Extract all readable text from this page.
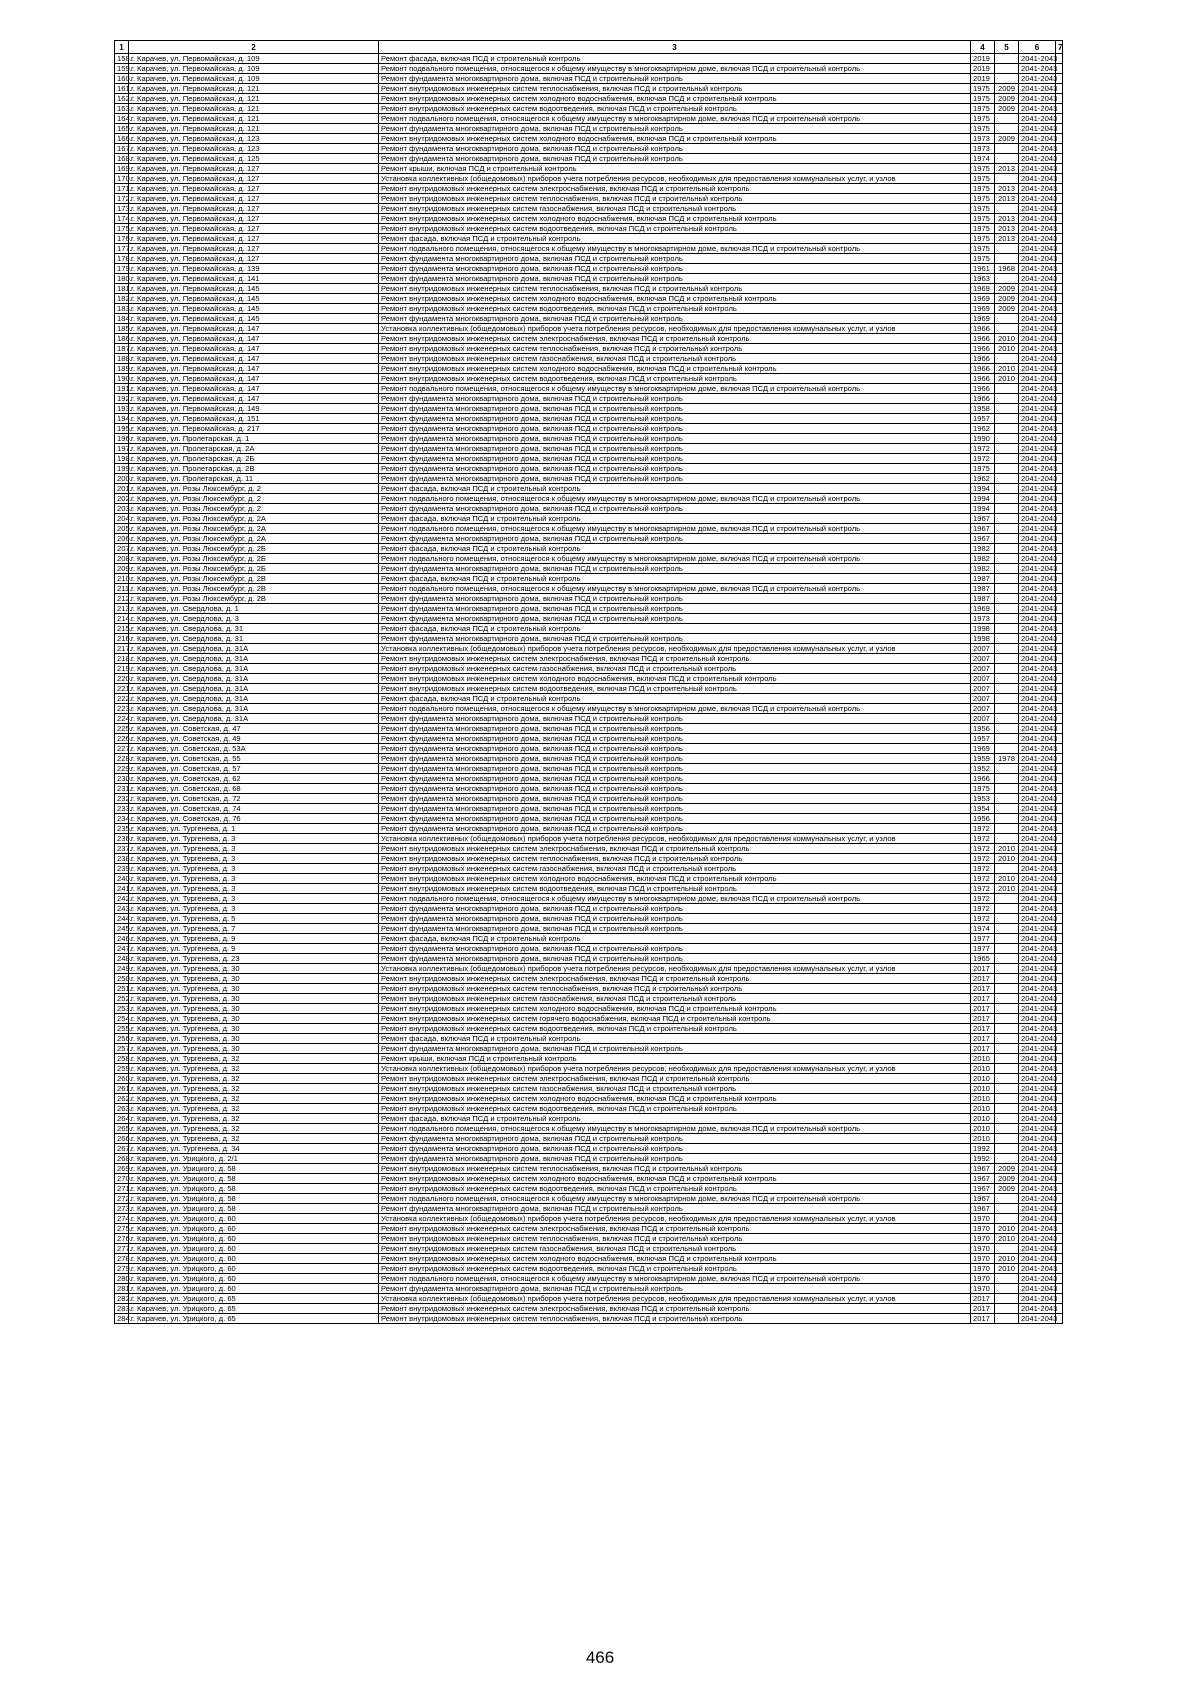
1	2	3	4	5	6	7
158.	г. Карачев, ул. Первомайская, д. 109	Ремонт фасада, включая ПСД и строительный контроль	2019		2041-2043	
159.	г. Карачев, ул. Первомайская, д. 109	Ремонт подвального помещения, относящегося к общему имуществу в многоквартирном доме, включая ПСД и строительный контроль	2019		2041-2043	
160.	г. Карачев, ул. Первомайская, д. 109	Ремонт фундамента многоквартирного дома, включая ПСД и строительный контроль	2019		2041-2043	
161.	г. Карачев, ул. Первомайская, д. 121	Ремонт внутридомовых инженерных систем теплоснабжения, включая ПСД и строительный контроль	1975	2009	2041-2043	
162.	г. Карачев, ул. Первомайская, д. 121	Ремонт внутридомовых инженерных систем холодного водоснабжения, включая ПСД и строительный контроль	1975	2009	2041-2043	
163.	г. Карачев, ул. Первомайская, д. 121	Ремонт внутридомовых инженерных систем водоотведения, включая ПСД и строительный контроль	1975	2009	2041-2043	
164.	г. Карачев, ул. Первомайская, д. 121	Ремонт подвального помещения, относящегося к общему имуществу в многоквартирном доме, включая ПСД и строительный контроль	1975		2041-2043	
165.	г. Карачев, ул. Первомайская, д. 121	Ремонт фундамента многоквартирного дома, включая ПСД и строительный контроль	1975		2041-2043	
166.	г. Карачев, ул. Первомайская, д. 123	Ремонт внутридомовых инженерных систем холодного водоснабжения, включая ПСД и строительный контроль	1973	2009	2041-2043	
167.	г. Карачев, ул. Первомайская, д. 123	Ремонт фундамента многоквартирного дома, включая ПСД и строительный контроль	1973		2041-2043	
168.	г. Карачев, ул. Первомайская, д. 125	Ремонт фундамента многоквартирного дома, включая ПСД и строительный контроль	1974		2041-2043	
169.	г. Карачев, ул. Первомайская, д. 127	Ремонт крыши, включая ПСД и строительный контроль	1975	2013	2041-2043	
170.	г. Карачев, ул. Первомайская, д. 127	Установка коллективных (общедомовых) приборов учета потребления ресурсов, необходимых для предоставления коммунальных услуг, и узлов	1975		2041-2043	
171.	г. Карачев, ул. Первомайская, д. 127	Ремонт внутридомовых инженерных систем электроснабжения, включая ПСД и строительный контроль	1975	2013	2041-2043	
172.	г. Карачев, ул. Первомайская, д. 127	Ремонт внутридомовых инженерных систем теплоснабжения, включая ПСД и строительный контроль	1975	2013	2041-2043	
173.	г. Карачев, ул. Первомайская, д. 127	Ремонт внутридомовых инженерных систем газоснабжения, включая ПСД и строительный контроль	1975		2041-2043	
174.	г. Карачев, ул. Первомайская, д. 127	Ремонт внутридомовых инженерных систем холодного водоснабжения, включая ПСД и строительный контроль	1975	2013	2041-2043	
175.	г. Карачев, ул. Первомайская, д. 127	Ремонт внутридомовых инженерных систем водоотведения, включая ПСД и строительный контроль	1975	2013	2041-2043	
176.	г. Карачев, ул. Первомайская, д. 127	Ремонт фасада, включая ПСД и строительный контроль	1975	2013	2041-2043	
177.	г. Карачев, ул. Первомайская, д. 127	Ремонт подвального помещения, относящегося к общему имуществу в многоквартирном доме, включая ПСД и строительный контроль	1975		2041-2043	
178.	г. Карачев, ул. Первомайская, д. 127	Ремонт фундамента многоквартирного дома, включая ПСД и строительный контроль	1975		2041-2043	
179.	г. Карачев, ул. Первомайская, д. 139	Ремонт фундамента многоквартирного дома, включая ПСД и строительный контроль	1961	1968	2041-2043	
180.	г. Карачев, ул. Первомайская, д. 141	Ремонт фундамента многоквартирного дома, включая ПСД и строительный контроль	1963		2041-2043	
181.	г. Карачев, ул. Первомайская, д. 145	Ремонт внутридомовых инженерных систем теплоснабжения, включая ПСД и строительный контроль	1969	2009	2041-2043	
182.	г. Карачев, ул. Первомайская, д. 145	Ремонт внутридомовых инженерных систем холодного водоснабжения, включая ПСД и строительный контроль	1969	2009	2041-2043	
183.	г. Карачев, ул. Первомайская, д. 145	Ремонт внутридомовых инженерных систем водоотведения, включая ПСД и строительный контроль	1969	2009	2041-2043	
184.	г. Карачев, ул. Первомайская, д. 145	Ремонт фундамента многоквартирного дома, включая ПСД и строительный контроль	1969		2041-2043	
185.	г. Карачев, ул. Первомайская, д. 147	Установка коллективных (общедомовых) приборов учета потребления ресурсов, необходимых для предоставления коммунальных услуг, и узлов	1966		2041-2043	
186.	г. Карачев, ул. Первомайская, д. 147	Ремонт внутридомовых инженерных систем электроснабжения, включая ПСД и строительный контроль	1966	2010	2041-2043	
187.	г. Карачев, ул. Первомайская, д. 147	Ремонт внутридомовых инженерных систем теплоснабжения, включая ПСД и строительный контроль	1966	2010	2041-2043	
188.	г. Карачев, ул. Первомайская, д. 147	Ремонт внутридомовых инженерных систем газоснабжения, включая ПСД и строительный контроль	1966		2041-2043	
189.	г. Карачев, ул. Первомайская, д. 147	Ремонт внутридомовых инженерных систем холодного водоснабжения, включая ПСД и строительный контроль	1966	2010	2041-2043	
190.	г. Карачев, ул. Первомайская, д. 147	Ремонт внутридомовых инженерных систем водоотведения, включая ПСД и строительный контроль	1966	2010	2041-2043	
191.	г. Карачев, ул. Первомайская, д. 147	Ремонт подвального помещения, относящегося к общему имуществу в многоквартирном доме, включая ПСД и строительный контроль	1966		2041-2043	
192.	г. Карачев, ул. Первомайская, д. 147	Ремонт фундамента многоквартирного дома, включая ПСД и строительный контроль	1966		2041-2043	
193.	г. Карачев, ул. Первомайская, д. 149	Ремонт фундамента многоквартирного дома, включая ПСД и строительный контроль	1958		2041-2043	
194.	г. Карачев, ул. Первомайская, д. 151	Ремонт фундамента многоквартирного дома, включая ПСД и строительный контроль	1957		2041-2043	
195.	г. Карачев, ул. Первомайская, д. 217	Ремонт фундамента многоквартирного дома, включая ПСД и строительный контроль	1962		2041-2043	
196.	г. Карачев, ул. Пролетарская, д. 1	Ремонт фундамента многоквартирного дома, включая ПСД и строительный контроль	1990		2041-2043	
197.	г. Карачев, ул. Пролетарская, д. 2А	Ремонт фундамента многоквартирного дома, включая ПСД и строительный контроль	1972		2041-2043	
198.	г. Карачев, ул. Пролетарская, д. 2Б	Ремонт фундамента многоквартирного дома, включая ПСД и строительный контроль	1972		2041-2043	
199.	г. Карачев, ул. Пролетарская, д. 2В	Ремонт фундамента многоквартирного дома, включая ПСД и строительный контроль	1975		2041-2043	
200.	г. Карачев, ул. Пролетарская, д. 11	Ремонт фундамента многоквартирного дома, включая ПСД и строительный контроль	1962		2041-2043	
201.	г. Карачев, ул. Розы Люксембург, д. 2	Ремонт фасада, включая ПСД и строительный контроль	1994		2041-2043	
202.	г. Карачев, ул. Розы Люксембург, д. 2	Ремонт подвального помещения, относящегося к общему имуществу в многоквартирном доме, включая ПСД и строительный контроль	1994		2041-2043	
203.	г. Карачев, ул. Розы Люксембург, д. 2	Ремонт фундамента многоквартирного дома, включая ПСД и строительный контроль	1994		2041-2043	
204.	г. Карачев, ул. Розы Люксембург, д. 2А	Ремонт фасада, включая ПСД и строительный контроль	1967		2041-2043	
205.	г. Карачев, ул. Розы Люксембург, д. 2А	Ремонт подвального помещения, относящегося к общему имуществу в многоквартирном доме, включая ПСД и строительный контроль	1967		2041-2043	
206.	г. Карачев, ул. Розы Люксембург, д. 2А	Ремонт фундамента многоквартирного дома, включая ПСД и строительный контроль	1967		2041-2043	
207.	г. Карачев, ул. Розы Люксембург, д. 2Б	Ремонт фасада, включая ПСД и строительный контроль	1982		2041-2043	
208.	г. Карачев, ул. Розы Люксембург, д. 2Б	Ремонт подвального помещения, относящегося к общему имуществу в многоквартирном доме, включая ПСД и строительный контроль	1982		2041-2043	
209.	г. Карачев, ул. Розы Люксембург, д. 2Б	Ремонт фундамента многоквартирного дома, включая ПСД и строительный контроль	1982		2041-2043	
210.	г. Карачев, ул. Розы Люксембург, д. 2В	Ремонт фасада, включая ПСД и строительный контроль	1987		2041-2043	
211.	г. Карачев, ул. Розы Люксембург, д. 2В	Ремонт подвального помещения, относящегося к общему имуществу в многоквартирном доме, включая ПСД и строительный контроль	1987		2041-2043	
212.	г. Карачев, ул. Розы Люксембург, д. 2В	Ремонт фундамента многоквартирного дома, включая ПСД и строительный контроль	1987		2041-2043	
213.	г. Карачев, ул. Свердлова, д. 1	Ремонт фундамента многоквартирного дома, включая ПСД и строительный контроль	1969		2041-2043	
214.	г. Карачев, ул. Свердлова, д. 3	Ремонт фундамента многоквартирного дома, включая ПСД и строительный контроль	1973		2041-2043	
215.	г. Карачев, ул. Свердлова, д. 31	Ремонт фасада, включая ПСД и строительный контроль	1998		2041-2043	
216.	г. Карачев, ул. Свердлова, д. 31	Ремонт фундамента многоквартирного дома, включая ПСД и строительный контроль	1998		2041-2043	
217.	г. Карачев, ул. Свердлова, д. 31А	Установка коллективных (общедомовых) приборов учета потребления ресурсов, необходимых для предоставления коммунальных услуг, и узлов	2007		2041-2043	
218.	г. Карачев, ул. Свердлова, д. 31А	Ремонт внутридомовых инженерных систем электроснабжения, включая ПСД и строительный контроль	2007		2041-2043	
219.	г. Карачев, ул. Свердлова, д. 31А	Ремонт внутридомовых инженерных систем газоснабжения, включая ПСД и строительный контроль	2007		2041-2043	
220.	г. Карачев, ул. Свердлова, д. 31А	Ремонт внутридомовых инженерных систем холодного водоснабжения, включая ПСД и строительный контроль	2007		2041-2043	
221.	г. Карачев, ул. Свердлова, д. 31А	Ремонт внутридомовых инженерных систем водоотведения, включая ПСД и строительный контроль	2007		2041-2043	
222.	г. Карачев, ул. Свердлова, д. 31А	Ремонт фасада, включая ПСД и строительный контроль	2007		2041-2043	
223.	г. Карачев, ул. Свердлова, д. 31А	Ремонт подвального помещения, относящегося к общему имуществу в многоквартирном доме, включая ПСД и строительный контроль	2007		2041-2043	
224.	г. Карачев, ул. Свердлова, д. 31А	Ремонт фундамента многоквартирного дома, включая ПСД и строительный контроль	2007		2041-2043	
225.	г. Карачев, ул. Советская, д. 47	Ремонт фундамента многоквартирного дома, включая ПСД и строительный контроль	1956		2041-2043	
226.	г. Карачев, ул. Советская, д. 49	Ремонт фундамента многоквартирного дома, включая ПСД и строительный контроль	1957		2041-2043	
227.	г. Карачев, ул. Советская, д. 53А	Ремонт фундамента многоквартирного дома, включая ПСД и строительный контроль	1969		2041-2043	
228.	г. Карачев, ул. Советская, д. 55	Ремонт фундамента многоквартирного дома, включая ПСД и строительный контроль	1959	1978	2041-2043	
229.	г. Карачев, ул. Советская, д. 57	Ремонт фундамента многоквартирного дома, включая ПСД и строительный контроль	1952		2041-2043	
230.	г. Карачев, ул. Советская, д. 62	Ремонт фундамента многоквартирного дома, включая ПСД и строительный контроль	1966		2041-2043	
231.	г. Карачев, ул. Советская, д. 68	Ремонт фундамента многоквартирного дома, включая ПСД и строительный контроль	1975		2041-2043	
232.	г. Карачев, ул. Советская, д. 72	Ремонт фундамента многоквартирного дома, включая ПСД и строительный контроль	1953		2041-2043	
233.	г. Карачев, ул. Советская, д. 74	Ремонт фундамента многоквартирного дома, включая ПСД и строительный контроль	1954		2041-2043	
234.	г. Карачев, ул. Советская, д. 76	Ремонт фундамента многоквартирного дома, включая ПСД и строительный контроль	1956		2041-2043	
235.	г. Карачев, ул. Тургенева, д. 1	Ремонт фундамента многоквартирного дома, включая ПСД и строительный контроль	1972		2041-2043	
236.	г. Карачев, ул. Тургенева, д. 3	Установка коллективных (общедомовых) приборов учета потребления ресурсов, необходимых для предоставления коммунальных услуг, и узлов	1972		2041-2043	
237.	г. Карачев, ул. Тургенева, д. 3	Ремонт внутридомовых инженерных систем электроснабжения, включая ПСД и строительный контроль	1972	2010	2041-2043	
238.	г. Карачев, ул. Тургенева, д. 3	Ремонт внутридомовых инженерных систем теплоснабжения, включая ПСД и строительный контроль	1972	2010	2041-2043	
239.	г. Карачев, ул. Тургенева, д. 3	Ремонт внутридомовых инженерных систем газоснабжения, включая ПСД и строительный контроль	1972		2041-2043	
240.	г. Карачев, ул. Тургенева, д. 3	Ремонт внутридомовых инженерных систем холодного водоснабжения, включая ПСД и строительный контроль	1972	2010	2041-2043	
241.	г. Карачев, ул. Тургенева, д. 3	Ремонт внутридомовых инженерных систем водоотведения, включая ПСД и строительный контроль	1972	2010	2041-2043	
242.	г. Карачев, ул. Тургенева, д. 3	Ремонт подвального помещения, относящегося к общему имуществу в многоквартирном доме, включая ПСД и строительный контроль	1972		2041-2043	
243.	г. Карачев, ул. Тургенева, д. 3	Ремонт фундамента многоквартирного дома, включая ПСД и строительный контроль	1972		2041-2043	
244.	г. Карачев, ул. Тургенева, д. 5	Ремонт фундамента многоквартирного дома, включая ПСД и строительный контроль	1972		2041-2043	
245.	г. Карачев, ул. Тургенева, д. 7	Ремонт фундамента многоквартирного дома, включая ПСД и строительный контроль	1974		2041-2043	
246.	г. Карачев, ул. Тургенева, д. 9	Ремонт фасада, включая ПСД и строительный контроль	1977		2041-2043	
247.	г. Карачев, ул. Тургенева, д. 9	Ремонт фундамента многоквартирного дома, включая ПСД и строительный контроль	1977		2041-2043	
248.	г. Карачев, ул. Тургенева, д. 23	Ремонт фундамента многоквартирного дома, включая ПСД и строительный контроль	1965		2041-2043	
249.	г. Карачев, ул. Тургенева, д. 30	Установка коллективных (общедомовых) приборов учета потребления ресурсов, необходимых для предоставления коммунальных услуг, и узлов	2017		2041-2043	
250.	г. Карачев, ул. Тургенева, д. 30	Ремонт внутридомовых инженерных систем электроснабжения, включая ПСД и строительный контроль	2017		2041-2043	
251.	г. Карачев, ул. Тургенева, д. 30	Ремонт внутридомовых инженерных систем теплоснабжения, включая ПСД и строительный контроль	2017		2041-2043	
252.	г. Карачев, ул. Тургенева, д. 30	Ремонт внутридомовых инженерных систем газоснабжения, включая ПСД и строительный контроль	2017		2041-2043	
253.	г. Карачев, ул. Тургенева, д. 30	Ремонт внутридомовых инженерных систем холодного водоснабжения, включая ПСД и строительный контроль	2017		2041-2043	
254.	г. Карачев, ул. Тургенева, д. 30	Ремонт внутридомовых инженерных систем горячего водоснабжения, включая ПСД и строительный контроль	2017		2041-2043	
255.	г. Карачев, ул. Тургенева, д. 30	Ремонт внутридомовых инженерных систем водоотведения, включая ПСД и строительный контроль	2017		2041-2043	
256.	г. Карачев, ул. Тургенева, д. 30	Ремонт фасада, включая ПСД и строительный контроль	2017		2041-2043	
257.	г. Карачев, ул. Тургенева, д. 30	Ремонт фундамента многоквартирного дома, включая ПСД и строительный контроль	2017		2041-2043	
258.	г. Карачев, ул. Тургенева, д. 32	Ремонт крыши, включая ПСД и строительный контроль	2010		2041-2043	
259.	г. Карачев, ул. Тургенева, д. 32	Установка коллективных (общедомовых) приборов учета потребления ресурсов, необходимых для предоставления коммунальных услуг, и узлов	2010		2041-2043	
260.	г. Карачев, ул. Тургенева, д. 32	Ремонт внутридомовых инженерных систем электроснабжения, включая ПСД и строительный контроль	2010		2041-2043	
261.	г. Карачев, ул. Тургенева, д. 32	Ремонт внутридомовых инженерных систем газоснабжения, включая ПСД и строительный контроль	2010		2041-2043	
262.	г. Карачев, ул. Тургенева, д. 32	Ремонт внутридомовых инженерных систем холодного водоснабжения, включая ПСД и строительный контроль	2010		2041-2043	
263.	г. Карачев, ул. Тургенева, д. 32	Ремонт внутридомовых инженерных систем водоотведения, включая ПСД и строительный контроль	2010		2041-2043	
264.	г. Карачев, ул. Тургенева, д. 32	Ремонт фасада, включая ПСД и строительный контроль	2010		2041-2043	
265.	г. Карачев, ул. Тургенева, д. 32	Ремонт подвального помещения, относящегося к общему имуществу в многоквартирном доме, включая ПСД и строительный контроль	2010		2041-2043	
266.	г. Карачев, ул. Тургенева, д. 32	Ремонт фундамента многоквартирного дома, включая ПСД и строительный контроль	2010		2041-2043	
267.	г. Карачев, ул. Тургенева, д. 34	Ремонт фундамента многоквартирного дома, включая ПСД и строительный контроль	1992		2041-2043	
268.	г. Карачев, ул. Урицкого, д. 2/1	Ремонт фундамента многоквартирного дома, включая ПСД и строительный контроль	1992		2041-2043	
269.	г. Карачев, ул. Урицкого, д. 58	Ремонт внутридомовых инженерных систем теплоснабжения, включая ПСД и строительный контроль	1967	2009	2041-2043	
270.	г. Карачев, ул. Урицкого, д. 58	Ремонт внутридомовых инженерных систем холодного водоснабжения, включая ПСД и строительный контроль	1967	2009	2041-2043	
271.	г. Карачев, ул. Урицкого, д. 58	Ремонт внутридомовых инженерных систем водоотведения, включая ПСД и строительный контроль	1967	2009	2041-2043	
272.	г. Карачев, ул. Урицкого, д. 58	Ремонт подвального помещения, относящегося к общему имуществу в многоквартирном доме, включая ПСД и строительный контроль	1967		2041-2043	
273.	г. Карачев, ул. Урицкого, д. 58	Ремонт фундамента многоквартирного дома, включая ПСД и строительный контроль	1967		2041-2043	
274.	г. Карачев, ул. Урицкого, д. 60	Установка коллективных (общедомовых) приборов учета потребления ресурсов, необходимых для предоставления коммунальных услуг, и узлов	1970		2041-2043	
275.	г. Карачев, ул. Урицкого, д. 60	Ремонт внутридомовых инженерных систем электроснабжения, включая ПСД и строительный контроль	1970	2010	2041-2043	
276.	г. Карачев, ул. Урицкого, д. 60	Ремонт внутридомовых инженерных систем теплоснабжения, включая ПСД и строительный контроль	1970	2010	2041-2043	
277.	г. Карачев, ул. Урицкого, д. 60	Ремонт внутридомовых инженерных систем газоснабжения, включая ПСД и строительный контроль	1970		2041-2043	
278.	г. Карачев, ул. Урицкого, д. 60	Ремонт внутридомовых инженерных систем холодного водоснабжения, включая ПСД и строительный контроль	1970	2010	2041-2043	
279.	г. Карачев, ул. Урицкого, д. 60	Ремонт внутридомовых инженерных систем водоотведения, включая ПСД и строительный контроль	1970	2010	2041-2043	
280.	г. Карачев, ул. Урицкого, д. 60	Ремонт подвального помещения, относящегося к общему имуществу в многоквартирном доме, включая ПСД и строительный контроль	1970		2041-2043	
281.	г. Карачев, ул. Урицкого, д. 60	Ремонт фундамента многоквартирного дома, включая ПСД и строительный контроль	1970		2041-2043	
282.	г. Карачев, ул. Урицкого, д. 65	Установка коллективных (общедомовых) приборов учета потребления ресурсов, необходимых для предоставления коммунальных услуг, и узлов	2017		2041-2043	
283.	г. Карачев, ул. Урицкого, д. 65	Ремонт внутридомовых инженерных систем электроснабжения, включая ПСД и строительный контроль	2017		2041-2043	
284.	г. Карачев, ул. Урицкого, д. 65	Ремонт внутридомовых инженерных систем теплоснабжения, включая ПСД и строительный контроль	2017		2041-2043	
466
